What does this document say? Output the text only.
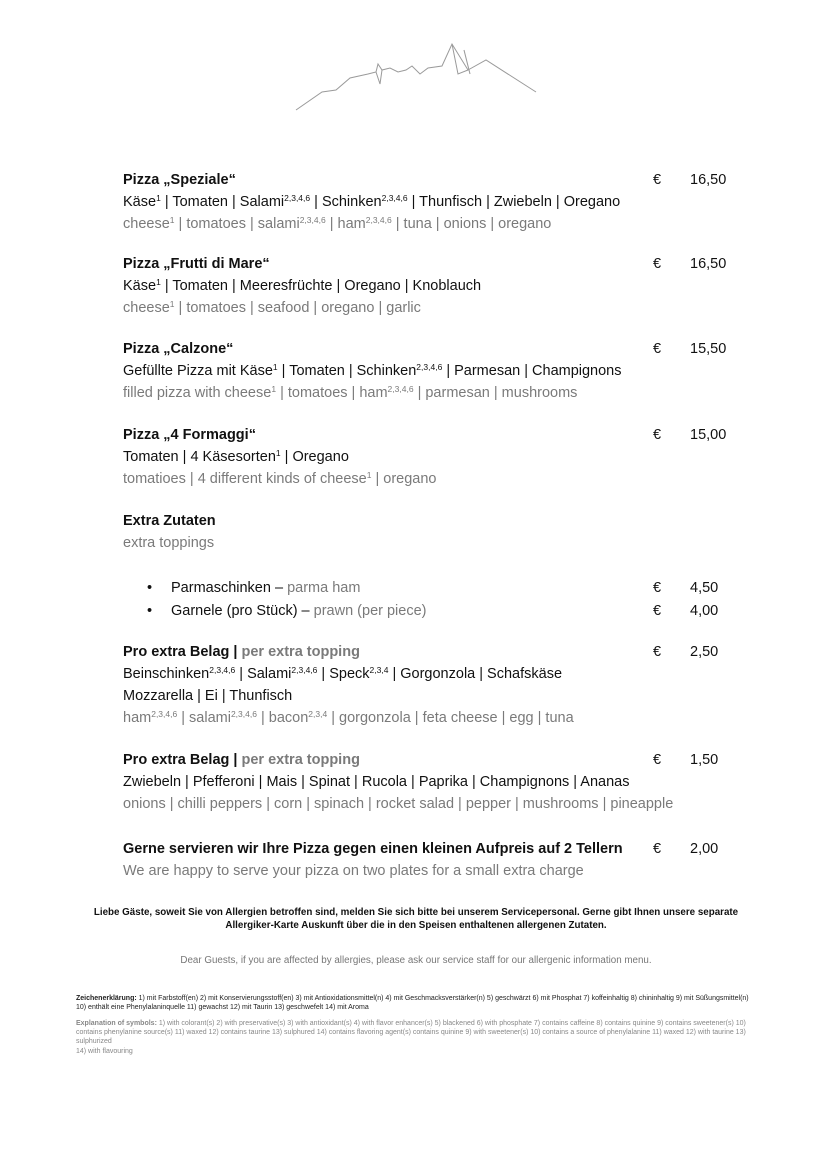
Pizza „Speziale“	€ 16,50
Käse$^1$ | Tomaten | Salami$^{2,3,4,6}$ | Schinken$^{2,3,4,6}$ | Thunfisch | Zwiebeln | Oregano
cheese$^1$ | tomatoes | salami$^{2,3,4,6}$ | ham$^{2,3,4,6}$ | tuna | onions | oregano
Pizza „Frutti di Mare“	€ 16,50
Käse$^1$ | Tomaten | Meeresfrüchte | Oregano | Knoblauch
cheese$^1$ | tomatoes | seafood | oregano | garlic
Pizza „Calzone“	€ 15,50
Gefüllte Pizza mit Käse$^1$ | Tomaten | Schinken$^{2,3,4,6}$ | Parmesan | Champignons
filled pizza with cheese$^1$ | tomatoes | ham$^{2,3,4,6}$ | parmesan | mushrooms
Pizza „4 Formaggi“	€ 15,00
Tomaten | 4 Käsesorten$^1$ | Oregano
tomatioes | 4 different kinds of cheese$^1$ | oregano
Extra Zutaten
extra toppings
• Parmaschinken – parma ham	€ 4,50
• Garnele (pro Stück) – prawn (per piece)	€ 4,00
Pro extra Belag | per extra topping	€ 2,50
Beinschinken$^{2,3,4,6}$ | Salami$^{2,3,4,6}$ | Speck$^{2,3,4}$ | Gorgonzola | Schafskäse
Mozzarella | Ei | Thunfisch
ham$^{2,3,4,6}$ | salami$^{2,3,4,6}$ | bacon$^{2,3,4}$ | gorgonzola | feta cheese | egg | tuna
Pro extra Belag | per extra topping	€ 1,50
Zwiebeln | Pfefferoni | Mais | Spinat | Rucola | Paprika | Champignons | Ananas
onions | chilli peppers | corn | spinach | rocket salad | pepper | mushrooms | pineapple
Gerne servieren wir Ihre Pizza gegen einen kleinen Aufpreis auf 2 Tellern	€ 2,00
We are happy to serve your pizza on two plates for a small extra charge
Liebe Gäste, soweit Sie von Allergien betroffen sind, melden Sie sich bitte bei unserem Servicepersonal. Gerne gibt Ihnen unsere separate Allergiker-Karte Auskunft über die in den Speisen enthaltenen allergenen Zutaten.
Dear Guests, if you are affected by allergies, please ask our service staff for our allergenic information menu.
Zeichenerklärung: 1) mit Farbstoff(en) 2) mit Konservierungsstoff(en) 3) mit Antioxidationsmittel(n) 4) mit Geschmacksverstärker(n) 5) geschwärzt 6) mit Phosphat 7) koffeinhaltig 8) chininhaltig 9) mit Süßungsmittel(n) 10) enthält eine Phenylalaninquelle 11) gewachst 12) mit Taurin 13) geschwefelt 14) mit Aroma
Explanation of symbols: 1) with colorant(s) 2) with preservative(s) 3) with antioxidant(s) 4) with flavor enhancer(s) 5) blackened 6) with phosphate 7) contains caffeine 8) contains quinine 9) contains sweetener(s) 10) contains phenylanine source(s) 11) waxed 12) contains taurine 13) sulphured 14) contains flavoring agent(s) contains quinine 9) with sweetener(s) 10) contains a source of phenylalanine 11) waxed 12) with taurine 13) sulphurized
14) with flavouring
